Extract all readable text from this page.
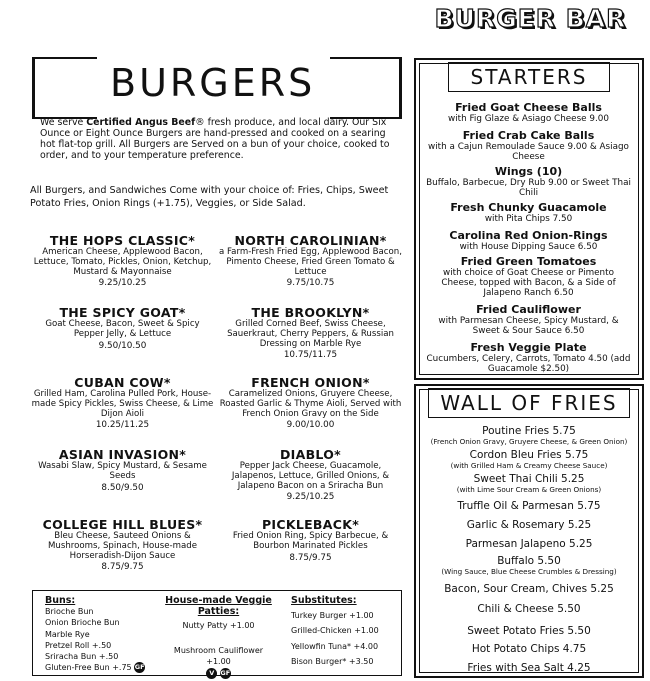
BURGER BAR
BURGERS
We serve Certified Angus Beef® fresh produce, and local dairy. Our Six Ounce or Eight Ounce Burgers are hand-pressed and cooked on a searing hot flat-top grill. All Burgers are Served on a bun of your choice, cooked to order, and to your temperature preference.
All Burgers, and Sandwiches Come with your choice of: Fries, Chips, Sweet Potato Fries, Onion Rings (+1.75), Veggies, or Side Salad.
THE HOPS CLASSIC*
American Cheese, Applewood Bacon, Lettuce, Tomato, Pickles, Onion, Ketchup, Mustard & Mayonnaise
9.25/10.25
NORTH CAROLINIAN*
a Farm-Fresh Fried Egg, Applewood Bacon, Pimento Cheese, Fried Green Tomato & Lettuce
9.75/10.75
THE SPICY GOAT*
Goat Cheese, Bacon, Sweet & Spicy Pepper Jelly, & Lettuce
9.50/10.50
THE BROOKLYN*
Grilled Corned Beef, Swiss Cheese, Sauerkraut, Cherry Peppers, & Russian Dressing on Marble Rye
10.75/11.75
CUBAN COW*
Grilled Ham, Carolina Pulled Pork, House-made Spicy Pickles, Swiss Cheese, & Lime Dijon Aioli
10.25/11.25
FRENCH ONION*
Caramelized Onions, Gruyere Cheese, Roasted Garlic & Thyme Aioli, Served with French Onion Gravy on the Side
9.00/10.00
ASIAN INVASION*
Wasabi Slaw, Spicy Mustard, & Sesame Seeds
8.50/9.50
DIABLO*
Pepper Jack Cheese, Guacamole, Jalapenos, Lettuce, Grilled Onions, & Jalapeno Bacon on a Sriracha Bun
9.25/10.25
COLLEGE HILL BLUES*
Bleu Cheese, Sauteed Onions & Mushrooms, Spinach, House-made Horseradish-Dijon Sauce
8.75/9.75
PICKLEBACK*
Fried Onion Ring, Spicy Barbecue, & Bourbon Marinated Pickles
8.75/9.75
Buns:
Brioche Bun
Onion Brioche Bun
Marble Rye
Pretzel Roll +.50
Sriracha Bun +.50
Gluten-Free Bun +.75 GF
House-made Veggie Patties:
Nutty Patty +1.00
Mushroom Cauliflower +1.00
V GF
Substitutes:
Turkey Burger +1.00
Grilled-Chicken +1.00
Yellowfin Tuna* +4.00
Bison Burger* +3.50
STARTERS
Fried Goat Cheese Balls
with Fig Glaze & Asiago Cheese 9.00
Fried Crab Cake Balls
with a Cajun Remoulade Sauce 9.00 & Asiago Cheese
Wings (10)
Buffalo, Barbecue, Dry Rub 9.00 or Sweet Thai Chili
Fresh Chunky Guacamole
with Pita Chips 7.50
Carolina Red Onion-Rings
with House Dipping Sauce 6.50
Fried Green Tomatoes
with choice of Goat Cheese or Pimento Cheese, topped with Bacon, & a Side of Jalapeno Ranch 6.50
Fried Cauliflower
with Parmesan Cheese, Spicy Mustard, & Sweet & Sour Sauce 6.50
Fresh Veggie Plate
Cucumbers, Celery, Carrots, Tomato 4.50 (add Guacamole $2.50)
WALL OF FRIES
Poutine Fries 5.75
(French Onion Gravy, Gruyere Cheese, & Green Onion)
Cordon Bleu Fries 5.75
(with Grilled Ham & Creamy Cheese Sauce)
Sweet Thai Chili 5.25
(with Lime Sour Cream & Green Onions)
Truffle Oil & Parmesan 5.75
Garlic & Rosemary 5.25
Parmesan Jalapeno 5.25
Buffalo 5.50
(Wing Sauce, Blue Cheese Crumbles & Dressing)
Bacon, Sour Cream, Chives 5.25
Chili & Cheese 5.50
Sweet Potato Fries 5.50
Hot Potato Chips 4.75
Fries with Sea Salt 4.25
